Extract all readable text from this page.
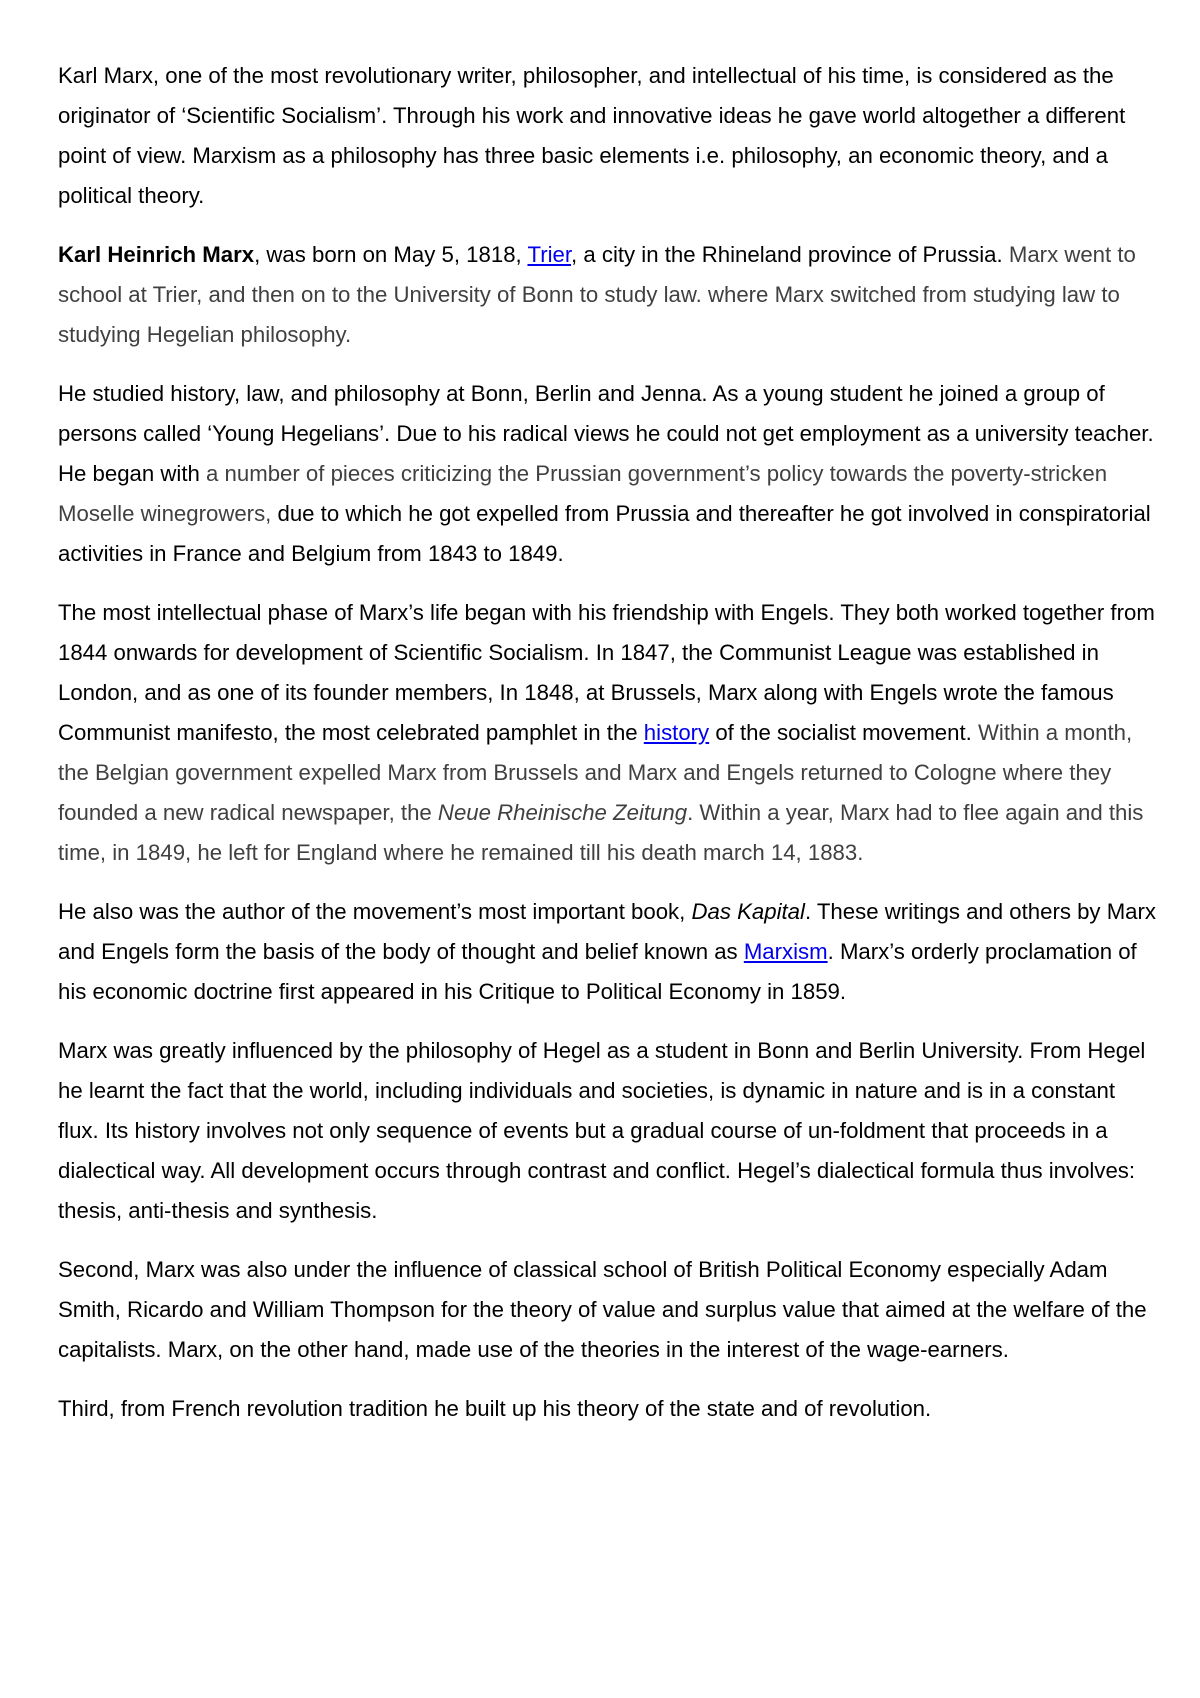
Karl Marx, one of the most revolutionary writer, philosopher, and intellectual of his time, is considered as the originator of ‘Scientific Socialism’. Through his work and innovative ideas he gave world altogether a different point of view. Marxism as a philosophy has three basic elements i.e. philosophy, an economic theory, and a political theory.

Karl Heinrich Marx, was born on May 5, 1818, Trier, a city in the Rhineland province of Prussia. Marx went to school at Trier, and then on to the University of Bonn to study law. where Marx switched from studying law to studying Hegelian philosophy.

He studied history, law, and philosophy at Bonn, Berlin and Jenna. As a young student he joined a group of persons called ‘Young Hegelians’. Due to his radical views he could not get employment as a university teacher. He began with a number of pieces criticizing the Prussian government’s policy towards the poverty-stricken Moselle winegrowers, due to which he got expelled from Prussia and thereafter he got involved in conspiratorial activities in France and Belgium from 1843 to 1849.

The most intellectual phase of Marx’s life began with his friendship with Engels. They both worked together from 1844 onwards for development of Scientific Socialism. In 1847, the Communist League was established in London, and as one of its founder members, In 1848, at Brussels, Marx along with Engels wrote the famous Communist manifesto, the most celebrated pamphlet in the history of the socialist movement. Within a month, the Belgian government expelled Marx from Brussels and Marx and Engels returned to Cologne where they founded a new radical newspaper, the Neue Rheinische Zeitung. Within a year, Marx had to flee again and this time, in 1849, he left for England where he remained till his death march 14, 1883.

He also was the author of the movement’s most important book, Das Kapital. These writings and others by Marx and Engels form the basis of the body of thought and belief known as Marxism. Marx’s orderly proclamation of his economic doctrine first appeared in his Critique to Political Economy in 1859.

Marx was greatly influenced by the philosophy of Hegel as a student in Bonn and Berlin University. From Hegel he learnt the fact that the world, including individuals and societies, is dynamic in nature and is in a constant flux. Its history involves not only sequence of events but a gradual course of un-foldment that proceeds in a dialectical way. All development occurs through contrast and conflict. Hegel’s dialectical formula thus involves: thesis, anti-thesis and synthesis.

Second, Marx was also under the influence of classical school of British Political Economy especially Adam Smith, Ricardo and William Thompson for the theory of value and surplus value that aimed at the welfare of the capitalists. Marx, on the other hand, made use of the theories in the interest of the wage-earners.

Third, from French revolution tradition he built up his theory of the state and of revolution.
